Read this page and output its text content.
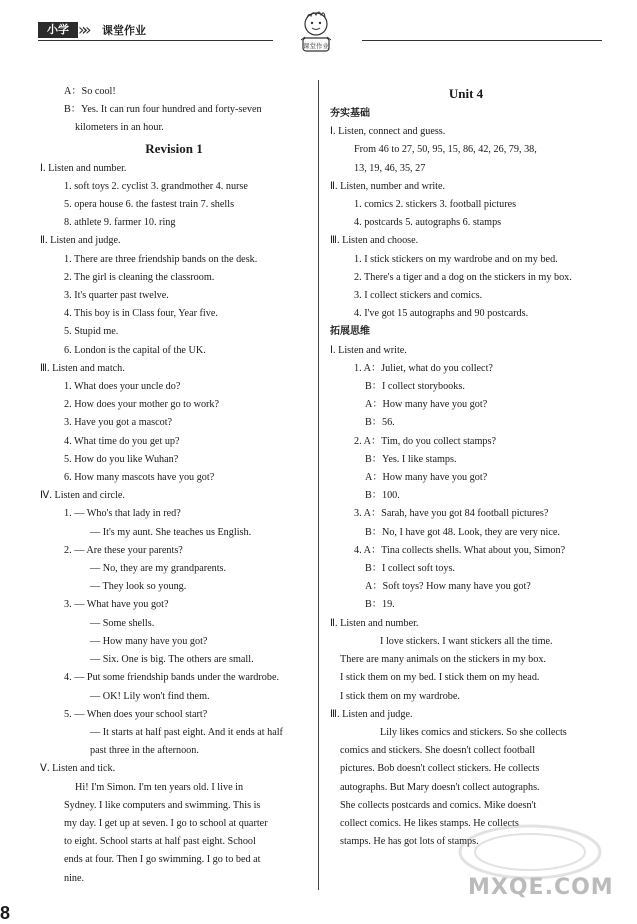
小学 »» 课堂作业
课堂作业
A：So cool!
B：Yes. It can run four hundred and forty-seven
kilometers in an hour.
Revision 1
Ⅰ. Listen and number.
1. soft toys 2. cyclist 3. grandmother 4. nurse
5. opera house 6. the fastest train 7. shells
8. athlete 9. farmer 10. ring
Ⅱ. Listen and judge.
1. There are three friendship bands on the desk.
2. The girl is cleaning the classroom.
3. It's quarter past twelve.
4. This boy is in Class four, Year five.
5. Stupid me.
6. London is the capital of the UK.
Ⅲ. Listen and match.
1. What does your uncle do?
2. How does your mother go to work?
3. Have you got a mascot?
4. What time do you get up?
5. How do you like Wuhan?
6. How many mascots have you got?
Ⅳ. Listen and circle.
1. — Who's that lady in red?
— It's my aunt. She teaches us English.
2. — Are these your parents?
— No, they are my grandparents.
— They look so young.
3. — What have you got?
— Some shells.
— How many have you got?
— Six. One is big. The others are small.
4. — Put some friendship bands under the wardrobe.
— OK! Lily won't find them.
5. — When does your school start?
— It starts at half past eight. And it ends at half
past three in the afternoon.
Ⅴ. Listen and tick.
Hi! I'm Simon. I'm ten years old. I live in
Sydney. I like computers and swimming. This is
my day. I get up at seven. I go to school at quarter
to eight. School starts at half past eight. School
ends at four. Then I go swimming. I go to bed at
nine.
Unit 4
夯实基础
Ⅰ. Listen, connect and guess.
From 46 to 27, 50, 95, 15, 86, 42, 26, 79, 38,
13, 19, 46, 35, 27
Ⅱ. Listen, number and write.
1. comics 2. stickers 3. football pictures
4. postcards 5. autographs 6. stamps
Ⅲ. Listen and choose.
1. I stick stickers on my wardrobe and on my bed.
2. There's a tiger and a dog on the stickers in my box.
3. I collect stickers and comics.
4. I've got 15 autographs and 90 postcards.
拓展思维
Ⅰ. Listen and write.
1. A：Juliet, what do you collect?
B：I collect storybooks.
A：How many have you got?
B：56.
2. A：Tim, do you collect stamps?
B：Yes. I like stamps.
A：How many have you got?
B：100.
3. A：Sarah, have you got 84 football pictures?
B：No, I have got 48. Look, they are very nice.
4. A：Tina collects shells. What about you, Simon?
B：I collect soft toys.
A：Soft toys? How many have you got?
B：19.
Ⅱ. Listen and number.
I love stickers. I want stickers all the time.
There are many animals on the stickers in my box.
I stick them on my bed. I stick them on my head.
I stick them on my wardrobe.
Ⅲ. Listen and judge.
Lily likes comics and stickers. So she collects
comics and stickers. She doesn't collect football
pictures. Bob doesn't collect stickers. He collects
autographs. But Mary doesn't collect autographs.
She collects postcards and comics. Mike doesn't
collect comics. He likes stamps. He collects
stamps. He has got lots of stamps.
MXQE.COM
8
